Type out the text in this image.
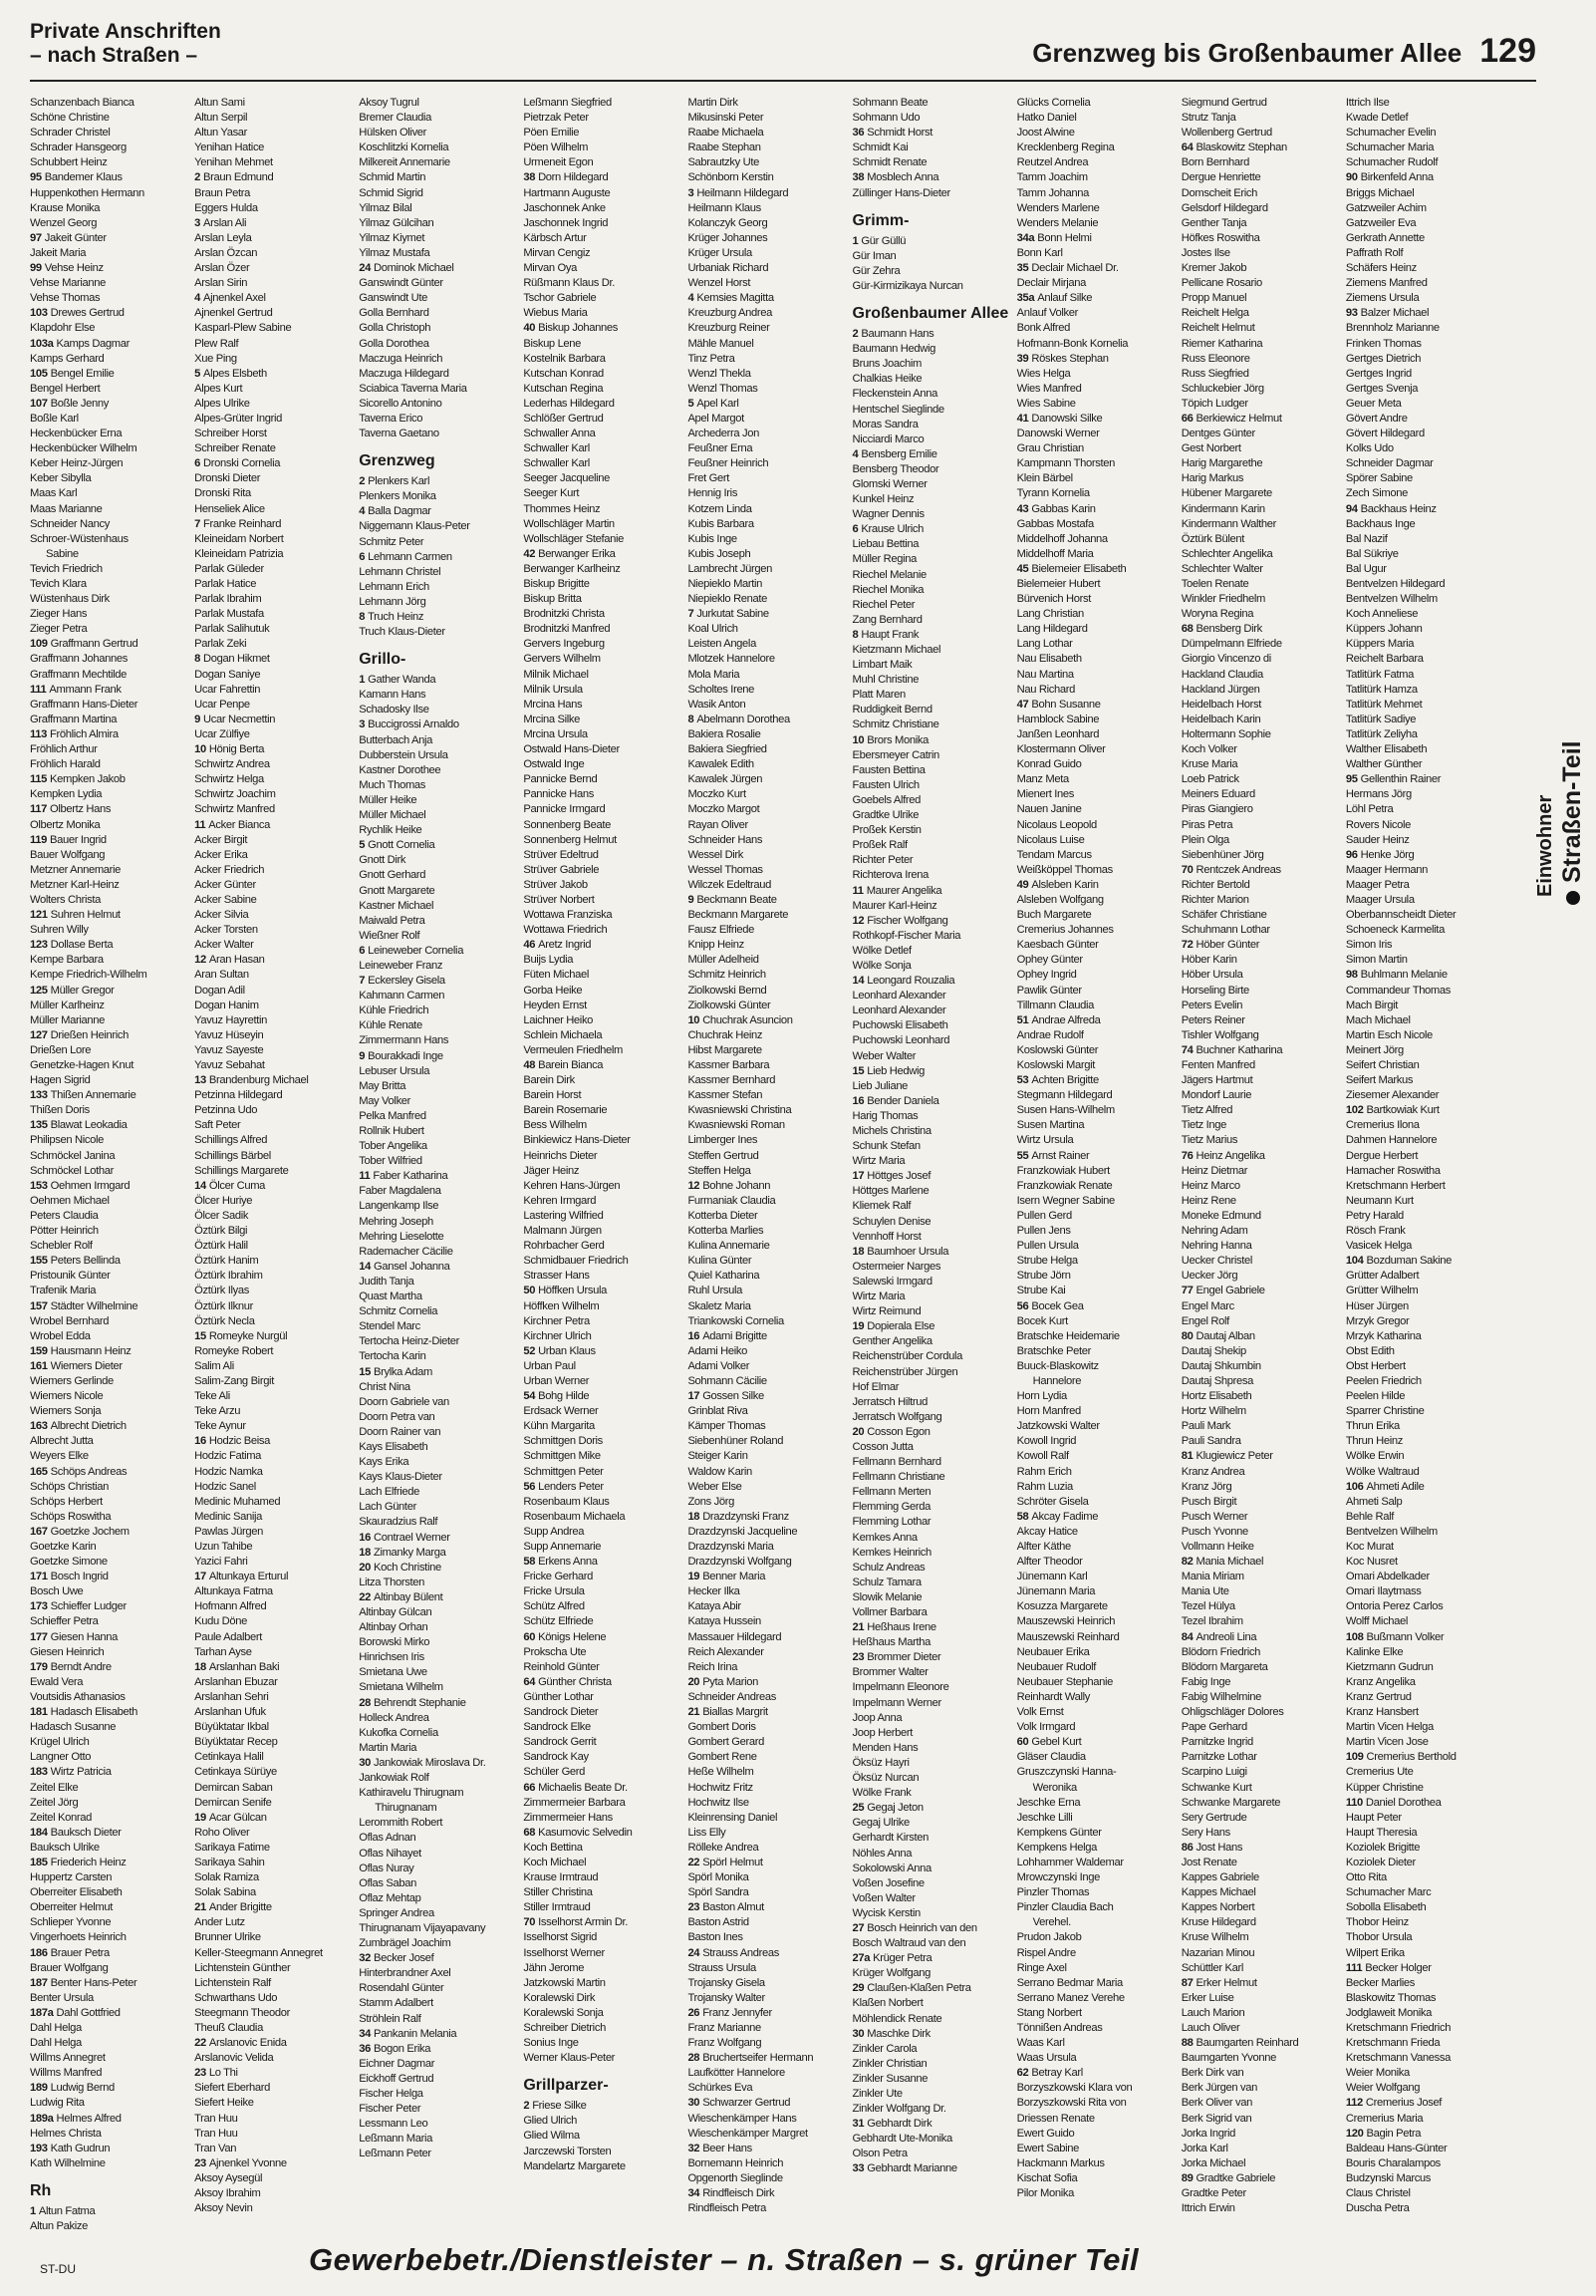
Private Anschriften
– nach Straßen –	Grenzweg bis Großenbaumer Allee 129
Schanzenbach Bianca
Schöne Christine
Schrader Christel
Schrader Hansgeorg
Schubbert Heinz
95 Bandemer Klaus
Huppenkothen Hermann
Krause Monika
Wenzel Georg
97 Jakeit Günter
Jakeit Maria
99 Vehse Heinz
Vehse Marianne
Vehse Thomas
103 Drewes Gertrud
Klapdohr Else
103a Kamps Dagmar
Kamps Gerhard
105 Bengel Emilie
Bengel Herbert
107 Boßle Jenny
Boßle Karl
Heckenbücker Erna
Heckenbücker Wilhelm
Keber Heinz-Jürgen
Keber Sibylla
Maas Karl
Maas Marianne
Schneider Nancy
Schroer-Wüstenhaus
Sabine
Tevich Friedrich
Tevich Klara
Wüstenhaus Dirk
Zieger Hans
Zieger Petra
109 Graffmann Gertrud
Graffmann Johannes
Graffmann Mechtilde
111 Ammann Frank
Graffmann Hans-Dieter
Graffmann Martina
113 Fröhlich Almira
Fröhlich Arthur
Fröhlich Harald
115 Kempken Jakob
Kempken Lydia
117 Olbertz Hans
Olbertz Monika
119 Bauer Ingrid
Bauer Wolfgang
Metzner Annemarie
Metzner Karl-Heinz
Wolters Christa
121 Suhren Helmut
Suhren Willy
123 Dollase Berta
Kempe Barbara
Kempe Friedrich-Wilhelm
125 Müller Gregor
Müller Karlheinz
Müller Marianne
127 Drießen Heinrich
Drießen Lore
Genetzke-Hagen Knut
Hagen Sigrid
133 Thißen Annemarie
Thißen Doris
135 Blawat Leokadia
Philipsen Nicole
Schmöckel Janina
Schmöckel Lothar
153 Oehmen Irmgard
Oehmen Michael
Peters Claudia
Pötter Heinrich
Schebler Rolf
155 Peters Bellinda
Pristounik Günter
Trafenik Maria
157 Städter Wilhelmine
Wrobel Bernhard
Wrobel Edda
159 Hausmann Heinz
161 Wiemers Dieter
Wiemers Gerlinde
Wiemers Nicole
Wiemers Sonja
163 Albrecht Dietrich
Albrecht Jutta
Weyers Elke
165 Schöps Andreas
Schöps Christian
Schöps Herbert
Schöps Roswitha
167 Goetzke Jochem
Goetzke Karin
Goetzke Simone
171 Bosch Ingrid
Bosch Uwe
173 Schieffer Ludger
Schieffer Petra
177 Giesen Hanna
Giesen Heinrich
179 Berndt Andre
Ewald Vera
Voutsidis Athanasios
181 Hadasch Elisabeth
Hadasch Susanne
Krügel Ulrich
Langner Otto
183 Wirtz Patricia
Zeitel Elke
Zeitel Jörg
Zeitel Konrad
184 Bauksch Dieter
Bauksch Ulrike
185 Friederich Heinz
Huppertz Carsten
Oberreiter Elisabeth
Oberreiter Helmut
Schlieper Yvonne
Vingerhoets Heinrich
186 Brauer Petra
Brauer Wolfgang
187 Benter Hans-Peter
Benter Ursula
187a Dahl Gottfried
Dahl Helga
Dahl Helga
Willms Annegret
Willms Manfred
189 Ludwig Bernd
Ludwig Rita
189a Helmes Alfred
Helmes Christa
193 Kath Gudrun
Kath Wilhelmine
Rh
1 Altun Fatma
Altun Pakize
Altun Sami
Altun Serpil
Altun Yasar
Yenihan Hatice
Yenihan Mehmet
2 Braun Edmund
Braun Petra
Eggers Hulda
3 Arslan Ali
Arslan Leyla
Arslan Özcan
Arslan Özer
Arslan Sirin
4 Ajnenkel Axel
Ajnenkel Gertrud
Kasparl-Plew Sabine
Plew Ralf
Xue Ping
5 Alpes Elsbeth
Alpes Kurt
Alpes Ulrike
Alpes-Grüter Ingrid
Schreiber Horst
Schreiber Renate
6 Dronski Cornelia
Dronski Dieter
Dronski Rita
Henseliek Alice
7 Franke Reinhard
Kleineidam Norbert
Kleineidam Patrizia
Parlak Güleder
Parlak Hatice
Parlak Ibrahim
Parlak Mustafa
Parlak Salihutuk
Parlak Zeki
8 Dogan Hikmet
Dogan Saniye
Ucar Fahrettin
Ucar Penpe
9 Ucar Necmettin
Ucar Zülfiye
10 Hönig Berta
Schwirtz Andrea
Schwirtz Helga
Schwirtz Joachim
Schwirtz Manfred
11 Acker Bianca
Acker Birgit
Acker Erika
Acker Friedrich
Acker Günter
Acker Sabine
Acker Silvia
Acker Torsten
Acker Walter
12 Aran Hasan
Aran Sultan
Dogan Adil
Dogan Hanim
Yavuz Hayrettin
Yavuz Hüseyin
Yavuz Sayeste
Yavuz Sebahat
13 Brandenburg Michael
Petzinna Hildegard
Petzinna Udo
Saft Peter
Schillings Alfred
Schillings Bärbel
Schillings Margarete
14 Ölcer Cuma
Ölcer Huriye
Ölcer Sadik
Öztürk Bilgi
Öztürk Halil
Öztürk Hanim
Öztürk Ibrahim
Öztürk Ilyas
Öztürk Ilknur
Öztürk Necla
15 Romeyke Nurgül
Romeyke Robert
Salim Ali
Salim-Zang Birgit
Teke Ali
Teke Arzu
Teke Aynur
16 Hodzic Beisa
Hodzic Fatima
Hodzic Namka
Hodzic Sanel
Medinic Muhamed
Medinic Sanija
Pawlas Jürgen
Uzun Tahibe
Yazici Fahri
17 Altunkaya Erturul
Altunkaya Fatma
Hofmann Alfred
Kudu Döne
Paule Adalbert
Tarhan Ayse
18 Arslanhan Baki
Arslanhan Ebuzar
Arslanhan Sehri
Arslanhan Ufuk
Büyüktatar Ikbal
Büyüktatar Recep
Cetinkaya Halil
Cetinkaya Sürüye
Demircan Saban
Demircan Senife
19 Acar Gülcan
Roho Oliver
Sarikaya Fatime
Sarikaya Sahin
Solak Ramiza
Solak Sabina
21 Ander Brigitte
Ander Lutz
Brunner Ulrike
Keller-Steegmann Annegret
Lichtenstein Günther
Lichtenstein Ralf
Schwarthans Udo
Steegmann Theodor
Theuß Claudia
22 Arslanovic Enida
Arslanovic Velida
23 Lo Thi
Siefert Eberhard
Siefert Heike
Tran Huu
Tran Huu
Tran Van
23 Ajnenkel Yvonne
Aksoy Aysegül
Aksoy Ibrahim
Aksoy Nevin
Aksoy Tugrul
Bremer Claudia
Hülsken Oliver
Koschlitzki Kornelia
Milkereit Annemarie
Schmid Martin
Schmid Sigrid
Yilmaz Bilal
Yilmaz Gülcihan
Yilmaz Kiymet
Yilmaz Mustafa
24 Dominok Michael
Ganswindt Günter
Ganswindt Ute
Golla Bernhard
Golla Christoph
Golla Dorothea
Maczuga Heinrich
Maczuga Hildegard
Sciabica Taverna Maria
Sicorello Antonino
Taverna Erico
Taverna Gaetano
Grenzweg
2 Plenkers Karl
Plenkers Monika
4 Balla Dagmar
Niggemann Klaus-Peter
Schmitz Peter
6 Lehmann Carmen
Lehmann Christel
Lehmann Erich
Lehmann Jörg
8 Truch Heinz
Truch Klaus-Dieter
Grillo-
1 Gather Wanda
Kamann Hans
Schadosky Ilse
3 Buccigrossi Arnaldo
Butterbach Anja
Dubberstein Ursula
Kastner Dorothee
Much Thomas
Müller Heike
Müller Michael
Rychlik Heike
5 Gnott Cornelia
Gnott Dirk
Gnott Gerhard
Gnott Margarete
Kastner Michael
Maiwald Petra
Wießner Rolf
6 Leineweber Cornelia
Leineweber Franz
7 Eckersley Gisela
Kahmann Carmen
Kühle Friedrich
Kühle Renate
Zimmermann Hans
9 Bourakkadi Inge
Lebuser Ursula
May Britta
May Volker
Pelka Manfred
Rollnik Hubert
Tober Angelika
Tober Wilfried
11 Faber Katharina
Faber Magdalena
Langenkamp Ilse
Mehring Joseph
Mehring Lieselotte
Rademacher Cäcilie
14 Gansel Johanna
Judith Tanja
Quast Martha
Schmitz Cornelia
Stendel Marc
Tertocha Heinz-Dieter
Tertocha Karin
15 Brylka Adam
Christ Nina
Doorn Gabriele van
Doorn Petra van
Doorn Rainer van
Kays Elisabeth
Kays Erika
Kays Klaus-Dieter
Lach Elfriede
Lach Günter
Skauradzius Ralf
16 Contrael Werner
18 Zimanky Marga
20 Koch Christine
Litza Thorsten
22 Altinbay Bülent
Altinbay Gülcan
Altinbay Orhan
Borowski Mirko
Hinrichsen Iris
Smietana Uwe
Smietana Wilhelm
28 Behrendt Stephanie
Holleck Andrea
Kukofka Cornelia
Martin Maria
30 Jankowiak Miroslava Dr.
Jankowiak Rolf
Kathiravelu Thirugnam
Thirugnanam
Lerommith Robert
Oflas Adnan
Oflas Nihayet
Oflas Nuray
Oflas Saban
Oflaz Mehtap
Springer Andrea
Thirugnanam Vijayapavany
Zumbrägel Joachim
32 Becker Josef
Hinterbrandner Axel
Rosendahl Günter
Stamm Adalbert
Ströhlein Ralf
34 Pankanin Melania
36 Bogon Erika
Eichner Dagmar
Eickhoff Gertrud
Fischer Helga
Fischer Peter
Lessmann Leo
Leßmann Maria
Leßmann Peter
Leßmann Siegfried
Pietrzak Peter
Pöen Emilie
Pöen Wilhelm
Urmeneit Egon
38 Dorn Hildegard
Hartmann Auguste
Jaschonnek Anke
Jaschonnek Ingrid
Kärbsch Artur
Mirvan Cengiz
Mirvan Oya
Rüßmann Klaus Dr.
Tschor Gabriele
Wiebus Maria
40 Biskup Johannes
Biskup Lene
Kostelnik Barbara
Kutschan Konrad
Kutschan Regina
Lederhas Hildegard
Schlößer Gertrud
Schwaller Anna
Schwaller Karl
Schwaller Karl
Seeger Jacqueline
Seeger Kurt
Thommes Heinz
Wollschläger Martin
Wollschläger Stefanie
42 Berwanger Erika
Berwanger Karlheinz
Biskup Brigitte
Biskup Britta
Brodnitzki Christa
Brodnitzki Manfred
Gervers Ingeburg
Gervers Wilhelm
Milnik Michael
Milnik Ursula
Mrcina Hans
Mrcina Silke
Mrcina Ursula
Ostwald Hans-Dieter
Ostwald Inge
Pannicke Bernd
Pannicke Hans
Pannicke Irmgard
Sonnenberg Beate
Sonnenberg Helmut
Strüver Edeltrud
Strüver Gabriele
Strüver Jakob
Strüver Norbert
Wottawa Franziska
Wottawa Friedrich
46 Aretz Ingrid
Buijs Lydia
Füten Michael
Gorba Heike
Heyden Ernst
Laichner Heiko
Schlein Michaela
Vermeulen Friedhelm
48 Barein Bianca
Barein Dirk
Barein Horst
Barein Rosemarie
Bess Wilhelm
Binkiewicz Hans-Dieter
Heinrichs Dieter
Jäger Heinz
Kehren Hans-Jürgen
Kehren Irmgard
Lastering Wilfried
Malmann Jürgen
Rohrbacher Gerd
Schmidbauer Friedrich
Strasser Hans
50 Höffken Ursula
Höffken Wilhelm
Kirchner Petra
Kirchner Ulrich
52 Urban Klaus
Urban Paul
Urban Werner
54 Bohg Hilde
Erdsack Werner
Kühn Margarita
Schmittgen Doris
Schmittgen Mike
Schmittgen Peter
56 Lenders Peter
Rosenbaum Klaus
Rosenbaum Michaela
Supp Andrea
Supp Annemarie
58 Erkens Anna
Fricke Gerhard
Fricke Ursula
Schütz Alfred
Schütz Elfriede
60 Königs Helene
Prokscha Ute
Reinhold Günter
64 Günther Christa
Günther Lothar
Sandrock Dieter
Sandrock Elke
Sandrock Gerrit
Sandrock Kay
Schüler Gerd
66 Michaelis Beate Dr.
Zimmermeier Barbara
Zimmermeier Hans
68 Kasumovic Selvedin
Koch Bettina
Koch Michael
Krause Irmtraud
Stiller Christina
Stiller Irmtraud
70 Isselhorst Armin Dr.
Isselhorst Sigrid
Isselhorst Werner
Jähn Jerome
Jatzkowski Martin
Koralewski Dirk
Koralewski Sonja
Schreiber Dietrich
Sonius Inge
Werner Klaus-Peter
Grillparzer-
2 Friese Silke
Glied Ulrich
Glied Wilma
Jarczewski Torsten
Mandelartz Margarete
Martin Dirk
Mikusinski Peter
Raabe Michaela
Raabe Stephan
Sabrautzky Ute
Schönborn Kerstin
3 Heilmann Hildegard
Heilmann Klaus
Kolanczyk Georg
Krüger Johannes
Krüger Ursula
Urbaniak Richard
Wenzel Horst
4 Kemsies Magitta
Kreuzburg Andrea
Kreuzburg Reiner
Mähle Manuel
Tinz Petra
Wenzl Thekla
Wenzl Thomas
5 Apel Karl
Apel Margot
Archederra Jon
Feußner Erna
Feußner Heinrich
Fret Gert
Hennig Iris
Kotzem Linda
Kubis Barbara
Kubis Inge
Kubis Joseph
Lambrecht Jürgen
Niepieklo Martin
Niepieklo Renate
7 Jurkutat Sabine
Koal Ulrich
Leisten Angela
Mlotzek Hannelore
Mola Maria
Scholtes Irene
Wasik Anton
8 Abelmann Dorothea
Bakiera Rosalie
Bakiera Siegfried
Kawalek Edith
Kawalek Jürgen
Moczko Kurt
Moczko Margot
Rayan Oliver
Schneider Hans
Wessel Dirk
Wessel Thomas
Wilczek Edeltraud
9 Beckmann Beate
Beckmann Margarete
Fausz Elfriede
Knipp Heinz
Müller Adelheid
Schmitz Heinrich
Ziolkowski Bernd
Ziolkowski Günter
10 Chuchrak Asuncion
Chuchrak Heinz
Hibst Margarete
Kassmer Barbara
Kassmer Bernhard
Kassmer Stefan
Kwasniewski Christina
Kwasniewski Roman
Limberger Ines
Steffen Gertrud
Steffen Helga
12 Bohne Johann
Furmaniak Claudia
Kotterba Dieter
Kotterba Marlies
Kulina Annemarie
Kulina Günter
Quiel Katharina
Ruhl Ursula
Skaletz Maria
Triankowski Cornelia
16 Adami Brigitte
Adami Heiko
Adami Volker
Sohmann Cäcilie
17 Gossen Silke
Grinblat Riva
Kämper Thomas
Siebenhüner Roland
Steiger Karin
Waldow Karin
Weber Else
Zons Jörg
18 Drazdzynski Franz
Drazdzynski Jacqueline
Drazdzynski Maria
Drazdzynski Wolfgang
19 Benner Maria
Hecker Ilka
Kataya Abir
Kataya Hussein
Massauer Hildegard
Reich Alexander
Reich Irina
20 Pyta Marion
Schneider Andreas
21 Biallas Margrit
Gombert Doris
Gombert Gerard
Gombert Rene
Heße Wilhelm
Hochwitz Fritz
Hochwitz Ilse
Kleinrensing Daniel
Liss Elly
Rölleke Andrea
22 Spörl Helmut
Spörl Monika
Spörl Sandra
23 Baston Almut
Baston Astrid
Baston Ines
24 Strauss Andreas
Strauss Ursula
Trojansky Gisela
Trojansky Walter
26 Franz Jennyfer
Franz Marianne
Franz Wolfgang
28 Bruchertseifer Hermann
Laufkötter Hannelore
Schürkes Eva
30 Schwarzer Gertrud
Wieschenkämper Hans
Wieschenkämper Margret
32 Beer Hans
Bornemann Heinrich
Opgenorth Sieglinde
34 Rindfleisch Dirk
Rindfleisch Petra
Sohmann Beate
Sohmann Udo
36 Schmidt Horst
Schmidt Kai
Schmidt Renate
38 Mosblech Anna
Züllinger Hans-Dieter
Grimm-
1 Gür Güllü
Gür Iman
Gür Zehra
Gür-Kirmizikaya Nurcan
Großenbaumer Allee
2 Baumann Hans
Baumann Hedwig
Bruns Joachim
Chalkias Heike
Fleckenstein Anna
Hentschel Sieglinde
Moras Sandra
Nicciardi Marco
4 Bensberg Emilie
Bensberg Theodor
Glomski Werner
Kunkel Heinz
Wagner Dennis
6 Krause Ulrich
Liebau Bettina
Müller Regina
Riechel Melanie
Riechel Monika
Riechel Peter
Zang Bernhard
8 Haupt Frank
Kietzmann Michael
Limbart Maik
Muhl Christine
Platt Maren
Ruddigkeit Bernd
Schmitz Christiane
10 Brors Monika
Ebersmeyer Catrin
Fausten Bettina
Fausten Ulrich
Goebels Alfred
Gradtke Ulrike
Proßek Kerstin
Proßek Ralf
Richter Peter
Richterova Irena
11 Maurer Angelika
Maurer Karl-Heinz
12 Fischer Wolfgang
Rothkopf-Fischer Maria
Wölke Detlef
Wölke Sonja
14 Leongard Rouzalia
Leonhard Alexander
Leonhard Alexander
Puchowski Elisabeth
Puchowski Leonhard
Weber Walter
15 Lieb Hedwig
Lieb Juliane
16 Bender Daniela
Harig Thomas
Michels Christina
Schunk Stefan
Wirtz Maria
17 Höttges Josef
Höttges Marlene
Kliemek Ralf
Schuylen Denise
Vennhoff Horst
18 Baumhoer Ursula
Ostermeier Narges
Salewski Irmgard
Wirtz Maria
Wirtz Reimund
19 Dopierala Else
Genther Angelika
Reichenstrüber Cordula
Reichenstrüber Jürgen
Hof Elmar
Jerratsch Hiltrud
Jerratsch Wolfgang
20 Cosson Egon
Cosson Jutta
Fellmann Bernhard
Fellmann Christiane
Fellmann Merten
Flemming Gerda
Flemming Lothar
Kemkes Anna
Kemkes Heinrich
Schulz Andreas
Schulz Tamara
Slowik Melanie
Vollmer Barbara
21 Heßhaus Irene
Heßhaus Martha
23 Brommer Dieter
Brommer Walter
Impelmann Eleonore
Impelmann Werner
Joop Anna
Joop Herbert
Menden Hans
Öksüz Hayri
Öksüz Nurcan
Wölke Frank
25 Gegaj Jeton
Gegaj Ulrike
Gerhardt Kirsten
Nöhles Anna
Sokolowski Anna
Voßen Josefine
Voßen Walter
Wycisk Kerstin
27 Bosch Heinrich van den
Bosch Waltraud van den
27a Krüger Petra
Krüger Wolfgang
29 Claußen-Klaßen Petra
Klaßen Norbert
Möhlendick Renate
30 Maschke Dirk
Zinkler Carola
Zinkler Christian
Zinkler Susanne
Zinkler Ute
Zinkler Wolfgang Dr.
31 Gebhardt Dirk
Gebhardt Ute-Monika
Olson Petra
33 Gebhardt Marianne
Glücks Cornelia
Hatko Daniel
Joost Alwine
Krecklenberg Regina
Reutzel Andrea
Tamm Joachim
Tamm Johanna
Wenders Marlene
Wenders Melanie
34a Bonn Helmi
Bonn Karl
35 Declair Michael Dr.
Declair Mirjana
35a Anlauf Silke
Anlauf Volker
Bonk Alfred
Hofmann-Bonk Kornelia
39 Röskes Stephan
Wies Helga
Wies Manfred
Wies Sabine
41 Danowski Silke
Danowski Werner
Grau Christian
Kampmann Thorsten
Klein Bärbel
Tyrann Kornelia
43 Gabbas Karin
Gabbas Mostafa
Middelhoff Johanna
Middelhoff Maria
45 Bielemeier Elisabeth
Bielemeier Hubert
Bürvenich Horst
Lang Christian
Lang Hildegard
Lang Lothar
Nau Elisabeth
Nau Martina
Nau Richard
47 Bohn Susanne
Hamblock Sabine
Janßen Leonhard
Klostermann Oliver
Konrad Guido
Manz Meta
Mienert Ines
Nauen Janine
Nicolaus Leopold
Nicolaus Luise
Tendam Marcus
Weißköppel Thomas
49 Alsleben Karin
Alsleben Wolfgang
Buch Margarete
Cremerius Johannes
Kaesbach Günter
Ophey Günter
Ophey Ingrid
Pawlik Günter
Tillmann Claudia
51 Andrae Alfreda
Andrae Rudolf
Koslowski Günter
Koslowski Margit
53 Achten Brigitte
Stegmann Hildegard
Susen Hans-Wilhelm
Susen Martina
Wirtz Ursula
55 Arnst Rainer
Franzkowiak Hubert
Franzkowiak Renate
Isern Wegner Sabine
Pullen Gerd
Pullen Jens
Pullen Ursula
Strube Helga
Strube Jörn
Strube Kai
56 Bocek Gea
Bocek Kurt
Bratschke Heidemarie
Bratschke Peter
Buuck-Blaskowitz
Hannelore
Horn Lydia
Horn Manfred
Jatzkowski Walter
Kowoll Ingrid
Kowoll Ralf
Rahm Erich
Rahm Luzia
Schröter Gisela
58 Akcay Fadime
Akcay Hatice
Alfter Käthe
Alfter Theodor
Jünemann Karl
Jünemann Maria
Kosuzza Margarete
Mauszewski Heinrich
Mauszewski Reinhard
Neubauer Erika
Neubauer Rudolf
Neubauer Stephanie
Reinhardt Wally
Volk Ernst
Volk Irmgard
60 Gebel Kurt
Gläser Claudia
Gruszczynski Hanna-
Weronika
Jeschke Erna
Jeschke Lilli
Kempkens Günter
Kempkens Helga
Lohhammer Waldemar
Mrowczynski Inge
Pinzler Thomas
Pinzler Claudia Bach
Verehel.
Prudon Jakob
Rispel Andre
Ringe Axel
Serrano Bedmar Maria
Serrano Manez Verehe
Stang Norbert
Tönnißen Andreas
Waas Karl
Waas Ursula
62 Betray Karl
Borzyszkowski Klara von
Borzyszkowski Rita von
Driessen Renate
Ewert Guido
Ewert Sabine
Hackmann Markus
Kischat Sofia
Pilor Monika
Siegmund Gertrud
Strutz Tanja
Wollenberg Gertrud
64 Blaskowitz Stephan
Born Bernhard
Dergue Henriette
Domscheit Erich
Gelsdorf Hildegard
Genther Tanja
Höfkes Roswitha
Jostes Ilse
Kremer Jakob
Pellicane Rosario
Propp Manuel
Reichelt Helga
Reichelt Helmut
Riemer Katharina
Russ Eleonore
Russ Siegfried
Schluckebier Jörg
Töpich Ludger
66 Berkiewicz Helmut
Dentges Günter
Gest Norbert
Harig Margarethe
Harig Markus
Hübener Margarete
Kindermann Karin
Kindermann Walther
Öztürk Bülent
Schlechter Angelika
Schlechter Walter
Toelen Renate
Winkler Friedhelm
Woryna Regina
68 Bensberg Dirk
Dümpelmann Elfriede
Giorgio Vincenzo di
Hackland Claudia
Hackland Jürgen
Heidelbach Horst
Heidelbach Karin
Holtermann Sophie
Koch Volker
Kruse Maria
Loeb Patrick
Meiners Eduard
Piras Giangiero
Piras Petra
Plein Olga
Siebenhüner Jörg
70 Rentczek Andreas
Richter Bertold
Richter Marion
Schäfer Christiane
Schuhmann Lothar
72 Höber Günter
Höber Karin
Höber Ursula
Horseling Birte
Peters Evelin
Peters Reiner
Tishler Wolfgang
74 Buchner Katharina
Fenten Manfred
Jägers Hartmut
Mondorf Laurie
Tietz Alfred
Tietz Inge
Tietz Marius
76 Heinz Angelika
Heinz Dietmar
Heinz Marco
Heinz Rene
Moneke Edmund
Nehring Adam
Nehring Hanna
Uecker Christel
Uecker Jörg
77 Engel Gabriele
Engel Marc
Engel Rolf
80 Dautaj Alban
Dautaj Shekip
Dautaj Shkumbin
Dautaj Shpresa
Hortz Elisabeth
Hortz Wilhelm
Pauli Mark
Pauli Sandra
81 Klugiewicz Peter
Kranz Andrea
Kranz Jörg
Pusch Birgit
Pusch Werner
Pusch Yvonne
Vollmann Heike
82 Mania Michael
Mania Miriam
Mania Ute
Tezel Hülya
Tezel Ibrahim
84 Andreoli Lina
Blödorn Friedrich
Blödorn Margareta
Fabig Inge
Fabig Wilhelmine
Ohligschläger Dolores
Pape Gerhard
Parnitzke Ingrid
Parnitzke Lothar
Scarpino Luigi
Schwanke Kurt
Schwanke Margarete
Sery Gertrude
Sery Hans
86 Jost Hans
Jost Renate
Kappes Gabriele
Kappes Michael
Kappes Norbert
Kruse Hildegard
Kruse Wilhelm
Nazarian Minou
Schüttler Karl
87 Erker Helmut
Erker Luise
Lauch Marion
Lauch Oliver
88 Baumgarten Reinhard
Baumgarten Yvonne
Berk Dirk van
Berk Jürgen van
Berk Oliver van
Berk Sigrid van
Jorka Ingrid
Jorka Karl
Jorka Michael
89 Gradtke Gabriele
Gradtke Peter
Ittrich Erwin
Ittrich Ilse
Kwade Detlef
Schumacher Evelin
Schumacher Maria
Schumacher Rudolf
90 Birkenfeld Anna
Briggs Michael
Gatzweiler Achim
Gatzweiler Eva
Gerkrath Annette
Paffrath Rolf
Schäfers Heinz
Ziemens Manfred
Ziemens Ursula
93 Balzer Michael
Brennholz Marianne
Frinken Thomas
Gertges Dietrich
Gertges Ingrid
Gertges Svenja
Geuer Meta
Gövert Andre
Gövert Hildegard
Kolks Udo
Schneider Dagmar
Spörer Sabine
Zech Simone
94 Backhaus Heinz
Backhaus Inge
Bal Nazif
Bal Sükriye
Bal Ugur
Bentvelzen Hildegard
Bentvelzen Wilhelm
Koch Anneliese
Küppers Johann
Küppers Maria
Reichelt Barbara
Tatlitürk Fatma
Tatlitürk Hamza
Tatlitürk Mehmet
Tatlitürk Sadiye
Tatlitürk Zeliyha
Walther Elisabeth
Walther Günther
95 Gellenthin Rainer
Hermans Jörg
Löhl Petra
Rovers Nicole
Sauder Heinz
96 Henke Jörg
Maager Hermann
Maager Petra
Maager Ursula
Oberbannscheidt Dieter
Schoeneck Karmelita
Simon Iris
Simon Martin
98 Buhlmann Melanie
Commandeur Thomas
Mach Birgit
Mach Michael
Martin Esch Nicole
Meinert Jörg
Seifert Christian
Seifert Markus
Ziesemer Alexander
102 Bartkowiak Kurt
Cremerius Ilona
Dahmen Hannelore
Dergue Herbert
Hamacher Roswitha
Kretschmann Herbert
Neumann Kurt
Petry Harald
Rösch Frank
Vasicek Helga
104 Bozduman Sakine
Grütter Adalbert
Grütter Wilhelm
Hüser Jürgen
Mrzyk Gregor
Mrzyk Katharina
Obst Edith
Obst Herbert
Peelen Friedrich
Peelen Hilde
Sparrer Christine
Thrun Erika
Thrun Heinz
Wölke Erwin
Wölke Waltraud
106 Ahmeti Adile
Ahmeti Salp
Behle Ralf
Bentvelzen Wilhelm
Koc Murat
Koc Nusret
Omari Abdelkader
Omari Ilaytmass
Ontoria Perez Carlos
Wolff Michael
108 Bußmann Volker
Kalinke Elke
Kietzmann Gudrun
Kranz Angelika
Kranz Gertrud
Kranz Hansbert
Martin Vicen Helga
Martin Vicen Jose
109 Cremerius Berthold
Cremerius Ute
Küpper Christine
110 Daniel Dorothea
Haupt Peter
Haupt Theresia
Koziolek Brigitte
Koziolek Dieter
Otto Rita
Schumacher Marc
Sobolla Elisabeth
Thobor Heinz
Thobor Ursula
Wilpert Erika
111 Becker Holger
Becker Marlies
Blaskowitz Thomas
Jodglaweit Monika
Kretschmann Friedrich
Kretschmann Frieda
Kretschmann Vanessa
Weier Monika
Weier Wolfgang
112 Cremerius Josef
Cremerius Maria
120 Bagin Petra
Baldeau Hans-Günter
Bouris Charalampos
Budzynski Marcus
Claus Christel
Duscha Petra
Einwohner Straßen-Teil
ST-DU	Gewerbebetr./Dienstleister – n. Straßen – s. grüner Teil
